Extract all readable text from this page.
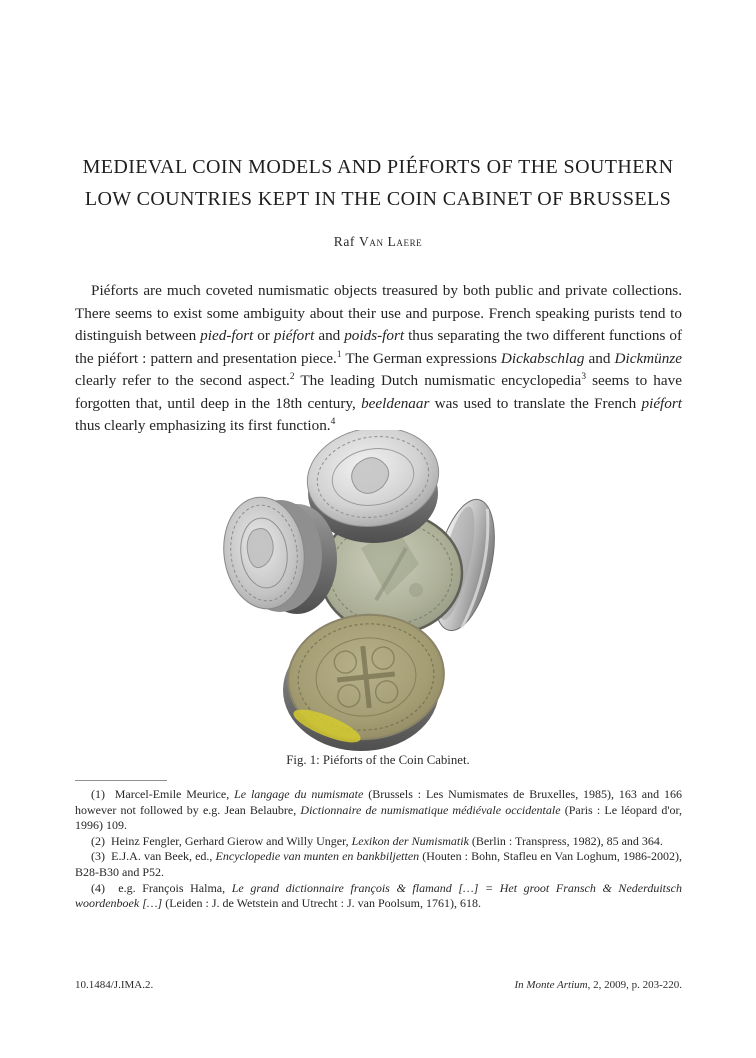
MEDIEVAL COIN MODELS AND PIÉFORTS OF THE SOUTHERN
LOW COUNTRIES KEPT IN THE COIN CABINET OF BRUSSELS
Raf Van Laere
Piéforts are much coveted numismatic objects treasured by both public and private collections. There seems to exist some ambiguity about their use and purpose. French speaking purists tend to distinguish between pied-fort or piéfort and poids-fort thus separating the two different functions of the piéfort : pattern and presentation piece.$^1$ The German expressions Dickabschlag and Dickmünze clearly refer to the second aspect.$^2$ The leading Dutch numismatic encyclopedia$^3$ seems to have forgotten that, until deep in the 18th century, beeldenaar was used to translate the French piéfort thus clearly emphasizing its first function.$^4$
Fig. 1: Piéforts of the Coin Cabinet.

(1)  Marcel-Emile Meurice, Le langage du numismate (Brussels : Les Numismates de Bruxelles, 1985), 163 and 166 however not followed by e.g. Jean Belaubre, Dictionnaire de numismatique médiévale occidentale (Paris : Le léopard d'or, 1996) 109.

(2)  Heinz Fengler, Gerhard Gierow and Willy Unger, Lexikon der Numismatik (Berlin : Transpress, 1982), 85 and 364.

(3)  E.J.A. van Beek, ed., Encyclopedie van munten en bankbiljetten (Houten : Bohn, Stafleu en Van Loghum, 1986-2002), B28-B30 and P52.

(4)  e.g. François Halma, Le grand dictionnaire françois & flamand […] = Het groot Fransch & Nederduitsch woordenboek […] (Leiden : J. de Wetstein and Utrecht : J. van Poolsum, 1761), 618.

10.1484/J.IMA.2.	In Monte Artium, 2, 2009, p. 203-220.
